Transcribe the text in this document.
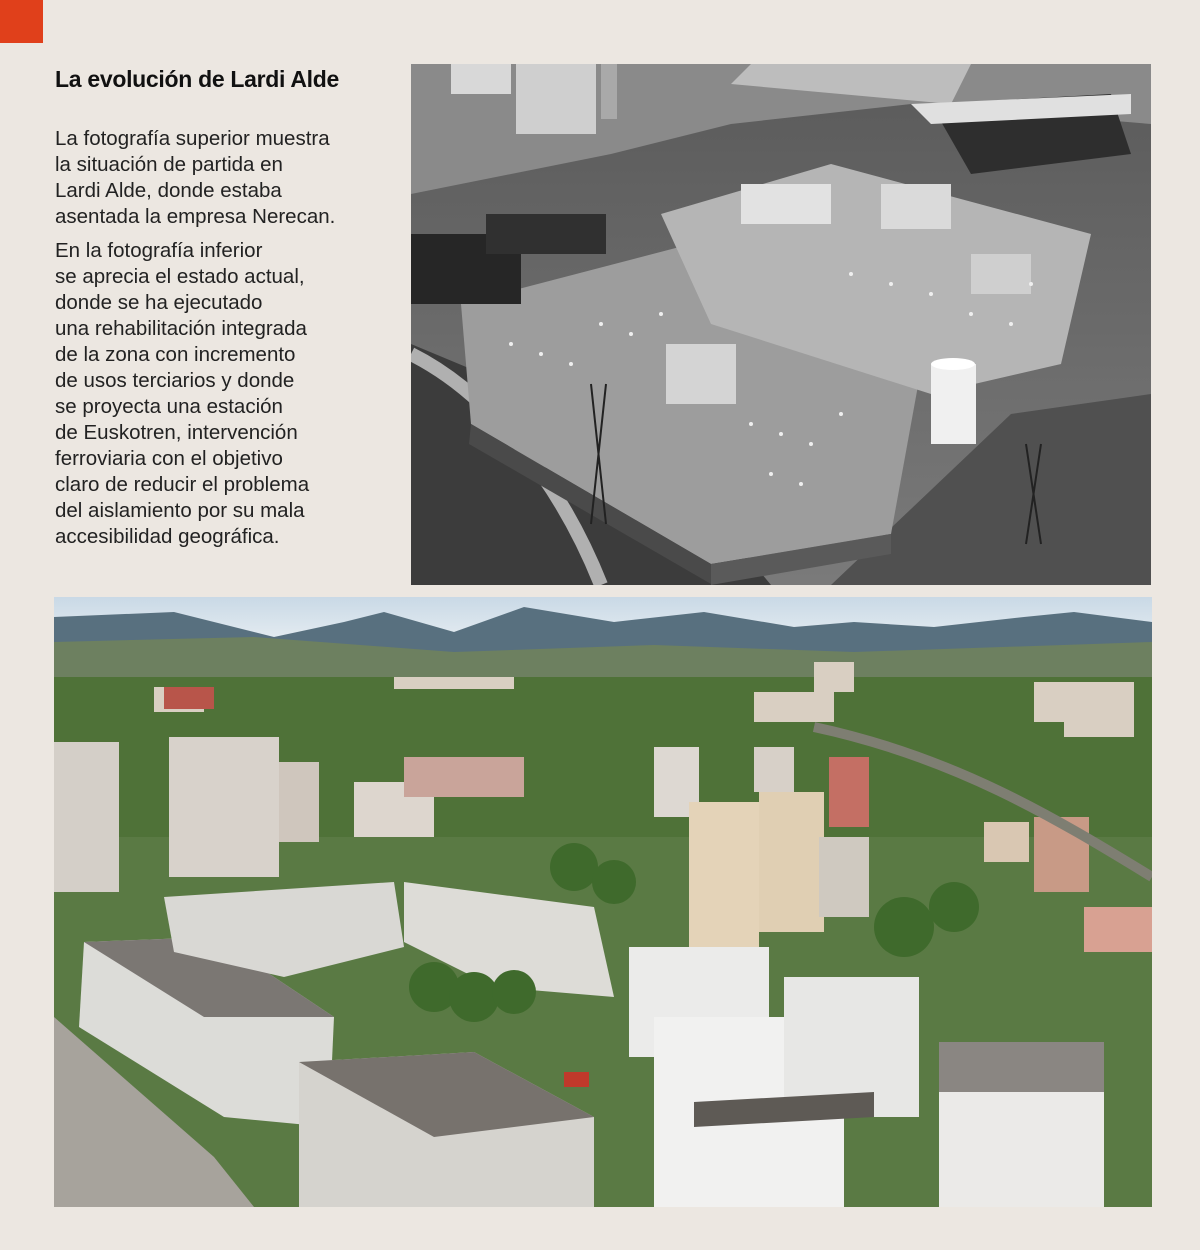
La evolución de Lardi Alde

La fotografía superior muestra
la situación de partida en
Lardi Alde, donde estaba
asentada la empresa Nerecan.

En la fotografía inferior
se aprecia el estado actual,
donde se ha ejecutado
una rehabilitación integrada
de la zona con incremento
de usos terciarios y donde
se proyecta una estación
de Euskotren, intervención
ferroviaria con el objetivo
claro de reducir el problema
del aislamiento por su mala
accesibilidad geográfica.
